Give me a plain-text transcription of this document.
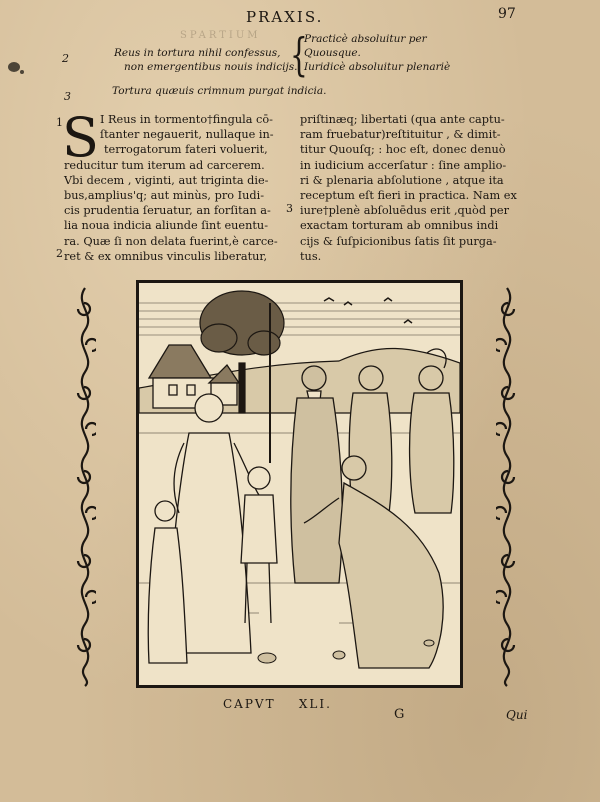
SPARTIUM
PRAXIS.	97
2	Reus in tortura nihil confessus,
non emergentibus nouis indicijs.
{
Practicè absoluitur per
Quousque.
Iuridicè absoluitur plenariè
3	Tortura quæuis crimnum purgat indicia.
S
1
2
3
I Reus in tormento†fingula cō-
ſtanter negauerit, nullaque in-
terrogatorum fateri voluerit,
reducitur tum iterum ad carcerem.
Vbi decem , viginti, aut triginta die-
bus,amplius'q; aut minùs, pro Iudi-
cis prudentia ſeruatur, an forſitan a-
lia noua indicia aliunde ſint euentu-
ra. Quæ ſi non delata fuerint,è carce-
ret & ex omnibus vinculis liberatur,
priſtinæq; libertati (qua ante captu-
ram fruebatur)reſtituitur , & dimit-
titur Quouſq; : hoc eſt, donec denuò
in iudicium accerſatur : ſine amplio-
ri & plenaria abſolutione , atque ita
receptum eſt fieri in practica. Nam ex
iure†plenè abſoluēdus erit ,quòd per
exactam torturam ab omnibus indi
cijs & ſuſpicionibus ſatis ſit purga-
tus.
CAPVT    XLI.
G	Qui
